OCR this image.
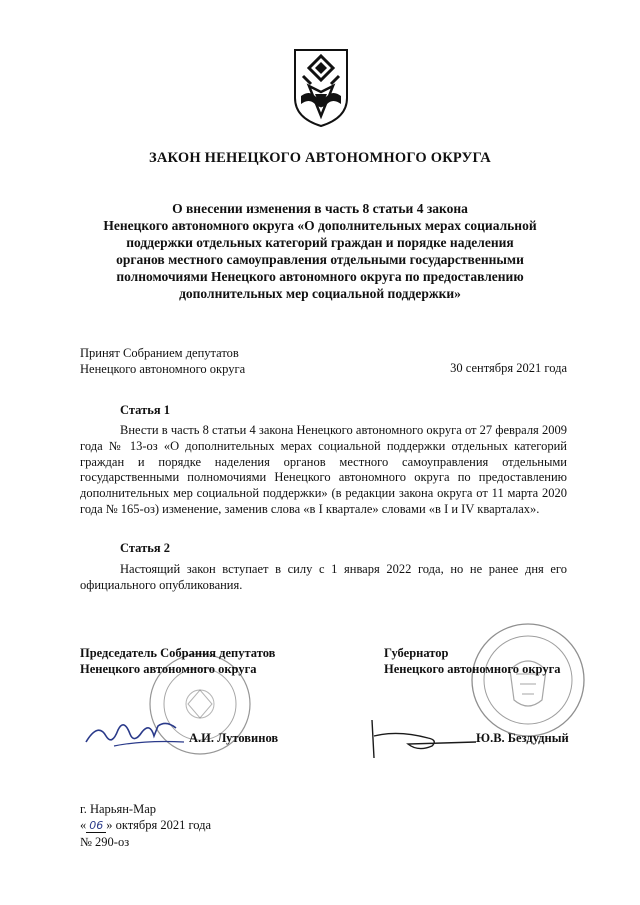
ЗАКОН НЕНЕЦКОГО АВТОНОМНОГО ОКРУГА
О внесении изменения в часть 8 статьи 4 закона
Ненецкого автономного округа «О дополнительных мерах социальной
поддержки отдельных категорий граждан и порядке наделения
органов местного самоуправления отдельными государственными
полномочиями Ненецкого автономного округа по предоставлению
дополнительных мер социальной поддержки»
Принят Собранием депутатов
Ненецкого автономного округа	30 сентября 2021 года
Статья 1

Внести в часть 8 статьи 4 закона Ненецкого автономного округа от 27 февраля 2009 года № 13-оз «О дополнительных мерах социальной поддержки отдельных категорий граждан и порядке наделения органов местного самоуправления отдельными государственными полномочиями Ненецкого автономного округа по предоставлению дополнительных мер социальной поддержки» (в редакции закона округа от 11 марта 2020 года № 165-оз) изменение, заменив слова «в I квартале» словами «в I и IV кварталах».

Статья 2

Настоящий закон вступает в силу с 1 января 2022 года, но не ранее дня его официального опубликования.

Председатель Собрания депутатов
Ненецкого автономного округа
Губернатор
Ненецкого автономного округа
А.И. Лутовинов	Ю.В. Бездудный
г. Нарьян-Мар
« 06 » октября 2021 года
№ 290-оз
